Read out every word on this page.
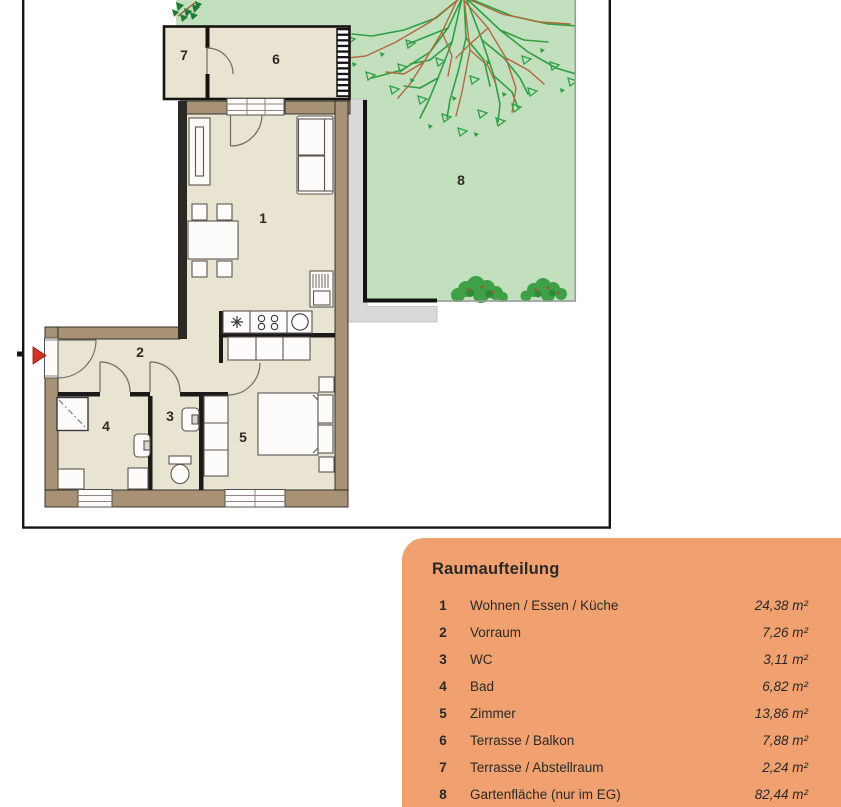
1
2
3
4
5
6
7
8
Raumaufteilung
1	Wohnen / Essen / Küche	24,38 m²
2	Vorraum	7,26 m²
3	WC	3,11 m²
4	Bad	6,82 m²
5	Zimmer	13,86 m²
6	Terrasse / Balkon	7,88 m²
7	Terrasse / Abstellraum	2,24 m²
8	Gartenfläche (nur im EG)	82,44 m²
